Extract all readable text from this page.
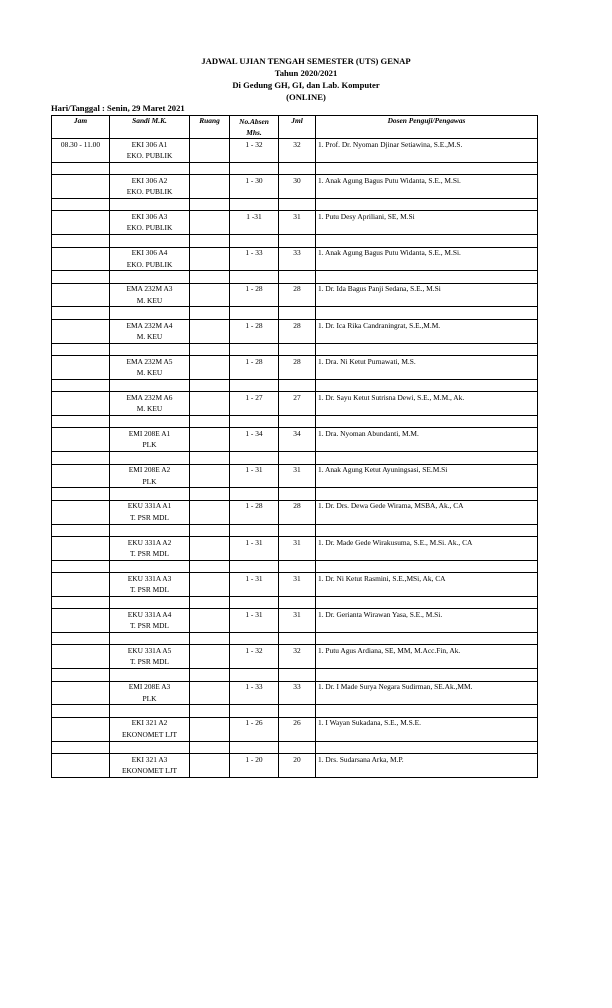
JADWAL UJIAN TENGAH SEMESTER (UTS) GENAP
Tahun 2020/2021
Di Gedung GH, GI, dan Lab. Komputer
(ONLINE)
Hari/Tanggal : Senin, 29 Maret 2021
Jam	Sandi M.K.	Ruang	No.Absen Mhs.	Jml	Dosen Penguji/Pengawas
08.30 - 11.00	EKI 306 A1		1 - 32	32	1. Prof. Dr. Nyoman Djinar Setiawina, S.E.,M.S.
	EKO. PUBLIK				

	EKI 306 A2		1 - 30	30	1. Anak Agung Bagus Putu Widanta, S.E., M.Si.
	EKO. PUBLIK				

	EKI 306 A3		1 -31	31	1. Putu Desy Apriliani, SE, M.Si
	EKO. PUBLIK				

	EKI 306 A4		1 - 33	33	1. Anak Agung Bagus Putu Widanta, S.E., M.Si.
	EKO. PUBLIK				

	EMA 232M A3		1 - 28	28	1. Dr. Ida Bagus Panji Sedana, S.E., M.Si
	M. KEU				

	EMA 232M A4		1 - 28	28	1. Dr. Ica Rika Candraningrat, S.E.,M.M.
	M. KEU				

	EMA 232M A5		1 - 28	28	1. Dra. Ni Ketut Purnawati, M.S.
	M. KEU				

	EMA 232M A6		1 - 27	27	1. Dr. Sayu Ketut Sutrisna Dewi, S.E., M.M., Ak.
	M. KEU				

	EMI 208E A1		1 - 34	34	1. Dra. Nyoman Abundanti, M.M.
	PLK				

	EMI 208E A2		1 - 31	31	1. Anak Agung Ketut Ayuningsasi, SE.M.Si
	PLK				

	EKU 331A A1		1 - 28	28	1. Dr. Drs. Dewa Gede Wirama, MSBA, Ak., CA
	T. PSR MDL				

	EKU 331A A2		1 - 31	31	1. Dr. Made Gede Wirakusuma, S.E., M.Si. Ak., CA
	T. PSR MDL				

	EKU 331A A3		1 - 31	31	1. Dr. Ni Ketut Rasmini, S.E.,MSi, Ak, CA
	T. PSR MDL				

	EKU 331A A4		1 - 31	31	1. Dr. Gerianta Wirawan Yasa, S.E., M.Si.
	T. PSR MDL				

	EKU 331A A5		1 - 32	32	1. Putu Agus Ardiana, SE, MM, M.Acc.Fin, Ak.
	T. PSR MDL				

	EMI 208E A3		1 - 33	33	1. Dr. I Made Surya Negara Sudirman, SE.Ak.,MM.
	PLK				

	EKI 321 A2		1 - 26	26	1. I Wayan Sukadana, S.E., M.S.E.
	EKONOMET LJT				

	EKI 321 A3		1 - 20	20	1. Drs. Sudarsana Arka, M.P.
	EKONOMET LJT				
